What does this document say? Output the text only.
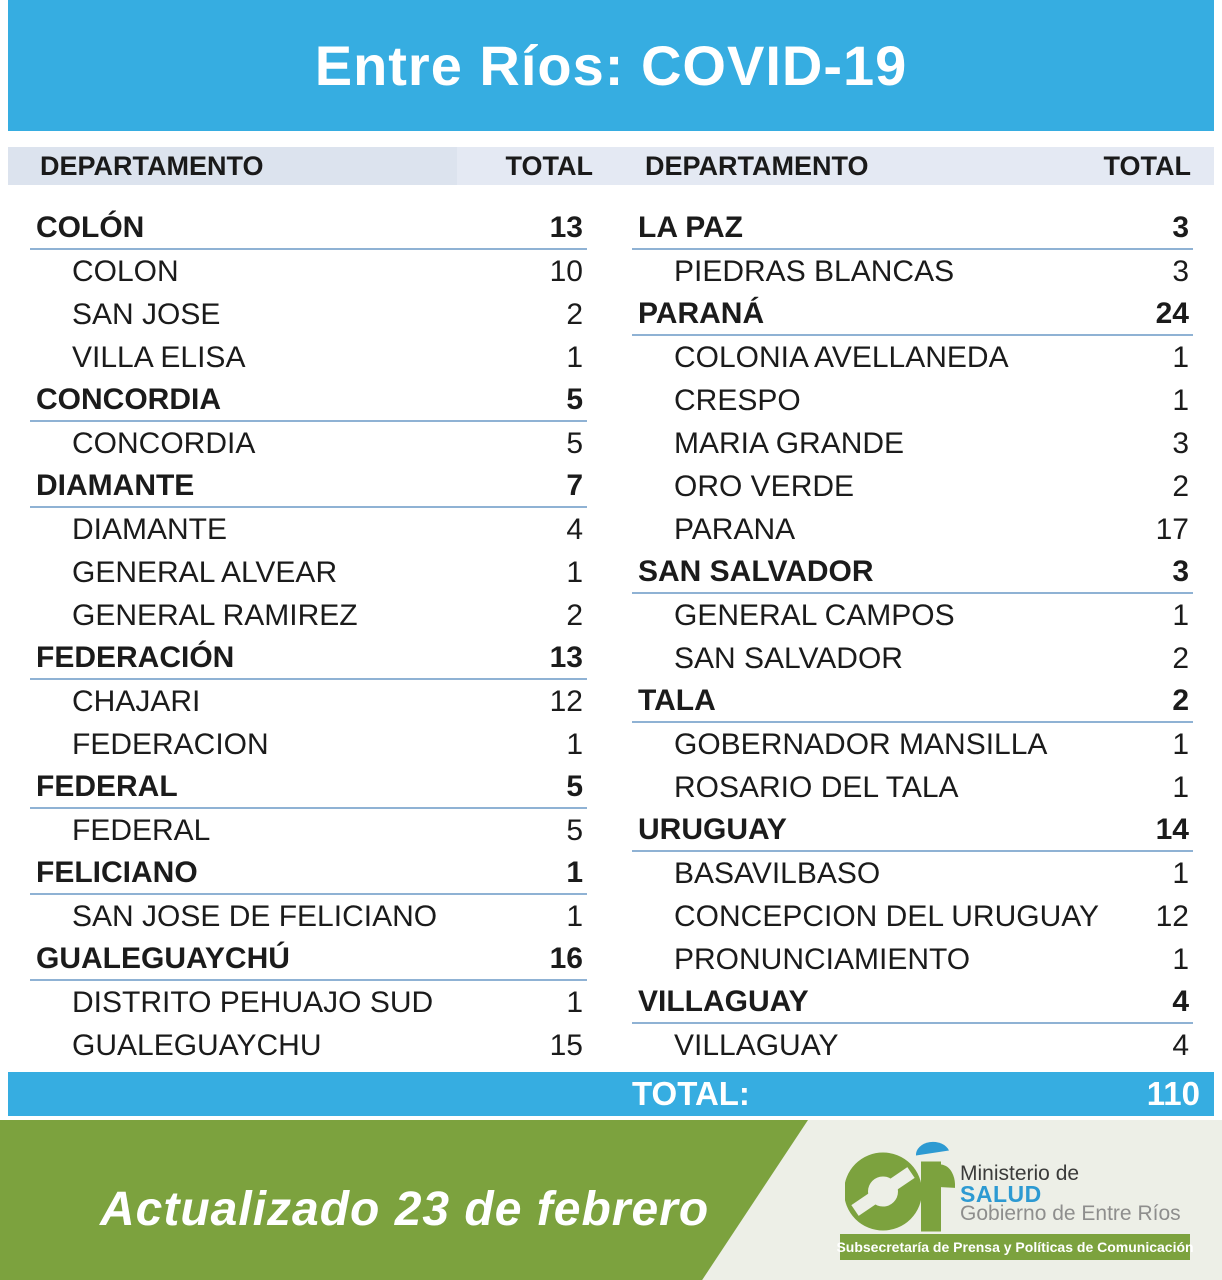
Entre Ríos: COVID-19
DEPARTAMENTO	TOTAL DEPARTAMENTO	TOTAL
COLÓN	13
COLON	10
SAN JOSE	2
VILLA ELISA	1
CONCORDIA	5
CONCORDIA	5
DIAMANTE	7
DIAMANTE	4
GENERAL ALVEAR	1
GENERAL RAMIREZ	2
FEDERACIÓN	13
CHAJARI	12
FEDERACION	1
FEDERAL	5
FEDERAL	5
FELICIANO	1
SAN JOSE DE FELICIANO	1
GUALEGUAYCHÚ	16
DISTRITO PEHUAJO SUD	1
GUALEGUAYCHU	15
LA PAZ	3
PIEDRAS BLANCAS	3
PARANÁ	24
COLONIA AVELLANEDA	1
CRESPO	1
MARIA GRANDE	3
ORO VERDE	2
PARANA	17
SAN SALVADOR	3
GENERAL CAMPOS	1
SAN SALVADOR	2
TALA	2
GOBERNADOR MANSILLA	1
ROSARIO DEL TALA	1
URUGUAY	14
BASAVILBASO	1
CONCEPCION DEL URUGUAY 12
PRONUNCIAMIENTO	1
VILLAGUAY	4
VILLAGUAY	4
TOTAL:	110
Actualizado 23 de febrero
Ministerio de
SALUD
Gobierno de Entre Ríos
Subsecretaría de Prensa y Políticas de Comunicación
